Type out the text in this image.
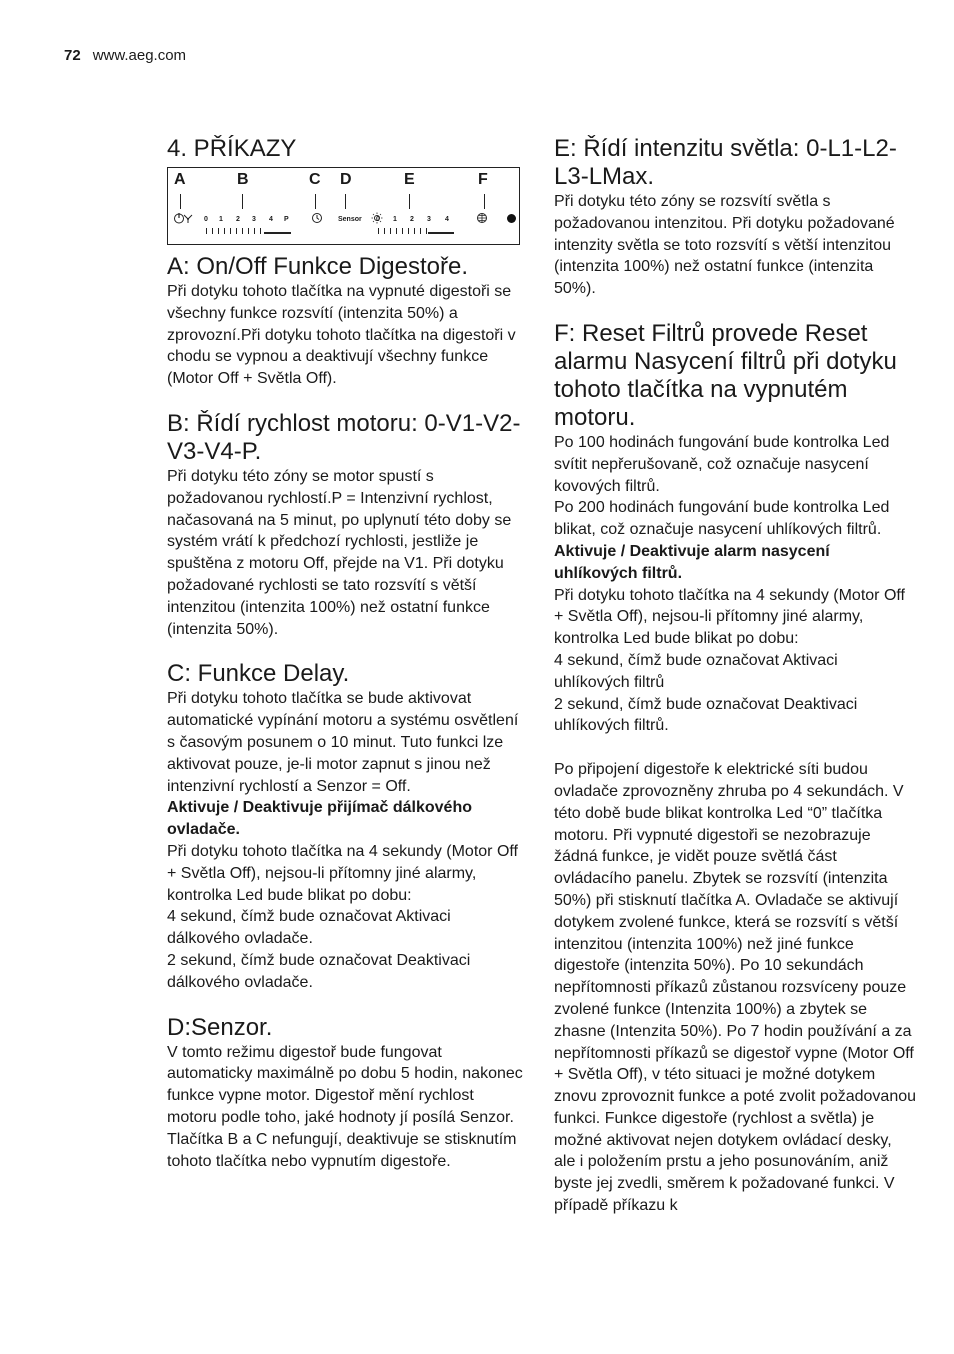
72 www.aeg.com
4. PŘÍKAZY
A	B	C D	E	F
0 1 2 3 4 P	Sensor 0 1 2 3 4
A: On/Off Funkce Digestoře.

Při dotyku tohoto tlačítka na vypnuté digestoři se všechny funkce rozsvítí (intenzita 50%) a zprovozní.Při dotyku tohoto tlačítka na digestoři v chodu se vypnou a deaktivují všechny funkce (Motor Off + Světla Off).

B: Řídí rychlost motoru: 0-V1-V2-V3-V4-P.

Při dotyku této zóny se motor spustí s požadovanou rychlostí.P = Intenzivní rychlost, načasovaná na 5 minut, po uplynutí této doby se systém vrátí k předchozí rychlosti, jestliže je spuštěna z motoru Off, přejde na V1. Při dotyku požadované rychlosti se tato rozsvítí s větší intenzitou (intenzita 100%) než ostatní funkce (intenzita 50%).

C: Funkce Delay.

Při dotyku tohoto tlačítka se bude aktivovat automatické vypínání motoru a systému osvětlení s časovým posunem o 10 minut. Tuto funkci lze aktivovat pouze, je-li motor zapnut s jinou než intenzivní rychlostí a Senzor = Off.

Aktivuje / Deaktivuje přijímač dálkového ovladače.

Při dotyku tohoto tlačítka na 4 sekundy (Motor Off + Světla Off), nejsou-li přítomny jiné alarmy, kontrolka Led bude blikat po dobu:

4 sekund, čímž bude označovat Aktivaci dálkového ovladače.

2 sekund, čímž bude označovat Deaktivaci dálkového ovladače.

D:Senzor.

V tomto režimu digestoř bude fungovat automaticky maximálně po dobu 5 hodin, nakonec funkce vypne motor. Digestoř mění rychlost motoru podle toho, jaké hodnoty jí posílá Senzor. Tlačítka B a C nefungují, deaktivuje se stisknutím tohoto tlačítka nebo vypnutím digestoře.

E: Řídí intenzitu světla: 0-L1-L2-L3-LMax.

Při dotyku této zóny se rozsvítí světla s požadovanou intenzitou. Při dotyku požadované intenzity světla se toto rozsvítí s větší intenzitou (intenzita 100%) než ostatní funkce (intenzita 50%).

F: Reset Filtrů provede Reset alarmu Nasycení filtrů při dotyku tohoto tlačítka na vypnutém motoru.

Po 100 hodinách fungování bude kontrolka Led svítit nepřerušovaně, což označuje nasycení kovových filtrů.

Po 200 hodinách fungování bude kontrolka Led blikat, což označuje nasycení uhlíkových filtrů.

Aktivuje / Deaktivuje alarm nasycení uhlíkových filtrů.

Při dotyku tohoto tlačítka na 4 sekundy (Motor Off + Světla Off), nejsou-li přítomny jiné alarmy, kontrolka Led bude blikat po dobu:

4 sekund, čímž bude označovat Aktivaci uhlíkových filtrů

2 sekund, čímž bude označovat Deaktivaci uhlíkových filtrů.

Po připojení digestoře k elektrické síti budou ovladače zprovozněny zhruba po 4 sekundách. V této době bude blikat kontrolka Led “0” tlačítka motoru. Při vypnuté digestoři se nezobrazuje žádná funkce, je vidět pouze světlá část ovládacího panelu. Zbytek se rozsvítí (intenzita 50%) při stisknutí tlačítka A. Ovladače se aktivují dotykem zvolené funkce, která se rozsvítí s větší intenzitou (intenzita 100%) než jiné funkce digestoře (intenzita 50%). Po 10 sekundách nepřítomnosti příkazů zůstanou rozsvíceny pouze zvolené funkce (Intenzita 100%) a zbytek se zhasne (Intenzita 50%). Po 7 hodin používání a za nepřítomnosti příkazů se digestoř vypne (Motor Off + Světla Off), v této situaci je možné dotykem znovu zprovoznit funkce a poté zvolit požadovanou funkci. Funkce digestoře (rychlost a světla) je možné aktivovat nejen dotykem ovládací desky, ale i položením prstu a jeho posunováním, aniž byste jej zvedli, směrem k požadované funkci. V případě příkazu k
